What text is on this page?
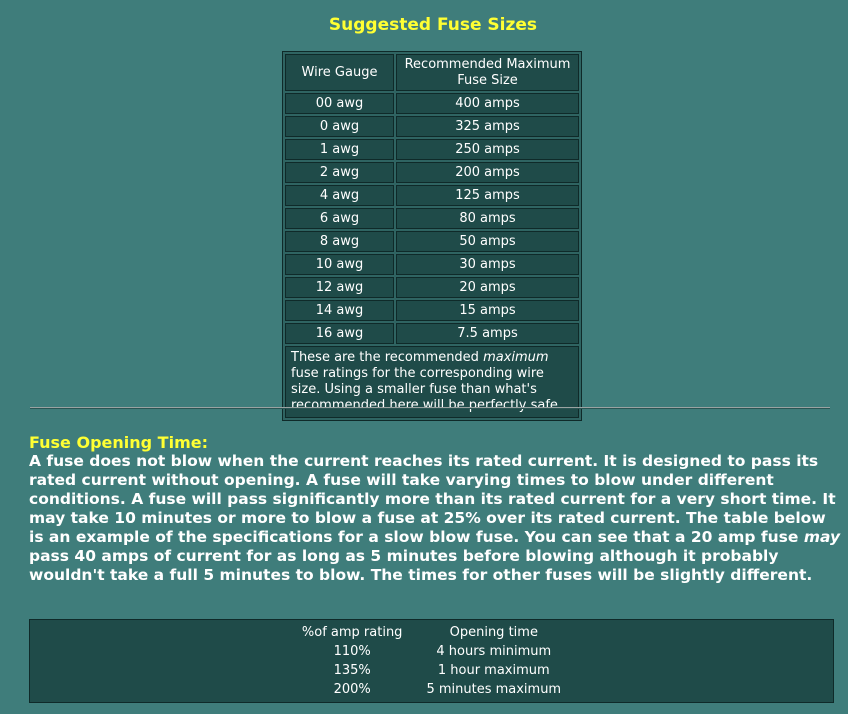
Suggested Fuse Sizes
Wire Gauge	Recommended Maximum Fuse Size
00 awg	400 amps
0 awg	325 amps
1 awg	250 amps
2 awg	200 amps
4 awg	125 amps
6 awg	80 amps
8 awg	50 amps
10 awg	30 amps
12 awg	20 amps
14 awg	15 amps
16 awg	7.5 amps
These are the recommended maximum fuse ratings for the corresponding wire size. Using a smaller fuse than what's recommended here will be perfectly safe.	
Fuse Opening Time:
A fuse does not blow when the current reaches its rated current. It is designed to pass its rated current without opening. A fuse will take varying times to blow under different conditions. A fuse will pass significantly more than its rated current for a very short time. It may take 10 minutes or more to blow a fuse at 25% over its rated current. The table below is an example of the specifications for a slow blow fuse. You can see that a 20 amp fuse may pass 40 amps of current for as long as 5 minutes before blowing although it probably wouldn't take a full 5 minutes to blow. The times for other fuses will be slightly different.
%of amp rating	Opening time
110%	4 hours minimum
135%	1 hour maximum
200%	5 minutes maximum
